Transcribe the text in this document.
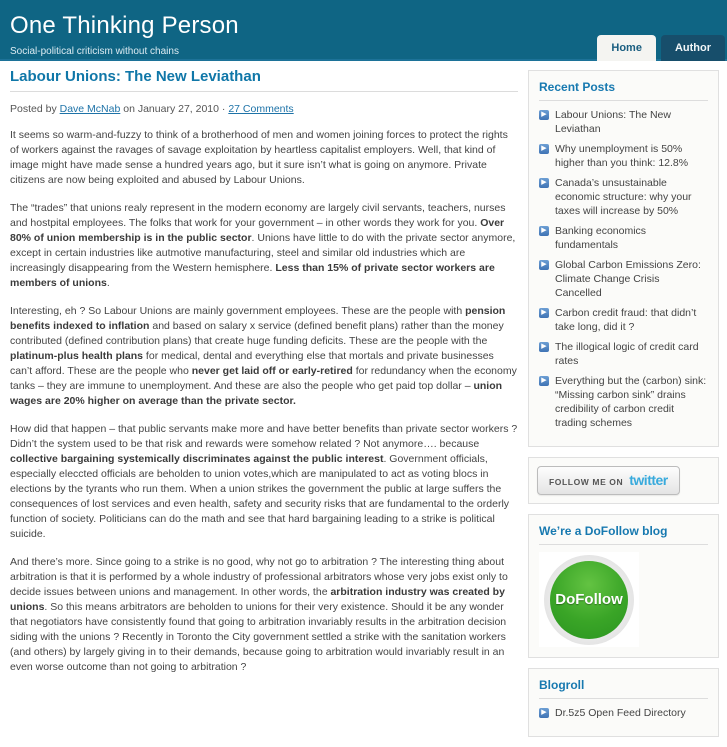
One Thinking Person
Social-political criticism without chains	Home	Author
Labour Unions: The New Leviathan
Posted by Dave McNab on January 27, 2010 · 27 Comments

It seems so warm-and-fuzzy to think of a brotherhood of men and women joining forces to protect the rights of workers against the ravages of savage exploitation by heartless capitalist employers. Well, that kind of image might have made sense a hundred years ago, but it sure isn’t what is going on anymore. Private citizens are now being exploited and abused by Labour Unions.

The “trades” that unions realy represent in the modern economy are largely civil servants, teachers, nurses and hostpital employees. The folks that work for your government – in other words they work for you. Over 80% of union membership is in the public sector. Unions have little to do with the private sector anymore, except in certain industries like autmotive manufacturing, steel and similar old industries which are increasingly disappearing from the Western hemisphere. Less than 15% of private sector workers are members of unions.

Interesting, eh ? So Labour Unions are mainly government employees. These are the people with pension benefits indexed to inflation and based on salary x service (defined benefit plans) rather than the money contributed (defined contribution plans) that create huge funding deficits. These are the people with the platinum-plus health plans for medical, dental and everything else that mortals and private businesses can’t afford. These are the people who never get laid off or early-retired for redundancy when the economy tanks – they are immune to unemployment. And these are also the people who get paid top dollar – union wages are 20% higher on average than the private sector.

How did that happen – that public servants make more and have better benefits than private sector workers ? Didn’t the system used to be that risk and rewards were somehow related ? Not anymore…. because collective bargaining systemically discriminates against the public interest. Government officials, especially eleccted officials are beholden to union votes,which are manipulated to act as voting blocs in elections by the tyrants who run them. When a union strikes the government the public at large suffers the consequences of lost services and even health, safety and security risks that are fundamental to the orderly function of society. Politicians can do the math and see that hard bargaining leading to a strike is political suicide.

And there’s more. Since going to a strike is no good, why not go to arbitration ? The interesting thing about arbitration is that it is performed by a whole industry of professional arbitrators whose very jobs exist only to decide issues between unions and management. In other words, the arbitration industry was created by unions. So this means arbitrators are beholden to unions for their very existence. Should it be any wonder that negotiators have consistently found that going to arbitration invariably results in the arbitration decision siding with the unions ? Recently in Toronto the City government settled a strike with the sanitation workers (and others) by largely giving in to their demands, because going to arbitration would invariably result in an even worse outcome than not going to arbitration ?

Recent Posts
▶ Labour Unions: The New Leviathan
▶ Why unemployment is 50% higher than you think: 12.8%
▶ Canada’s unsustainable economic structure: why your taxes will increase by 50%
▶ Banking economics fundamentals
▶ Global Carbon Emissions Zero: Climate Change Crisis Cancelled
▶ Carbon credit fraud: that didn’t take long, did it ?
▶ The illogical logic of credit card rates
▶ Everything but the (carbon) sink: “Missing carbon sink” drains credibility of carbon credit trading schemes
FOLLOW ME ON twitter
We’re a DoFollow blog
DoFollow
Blogroll
▶ Dr.5z5 Open Feed Directory
